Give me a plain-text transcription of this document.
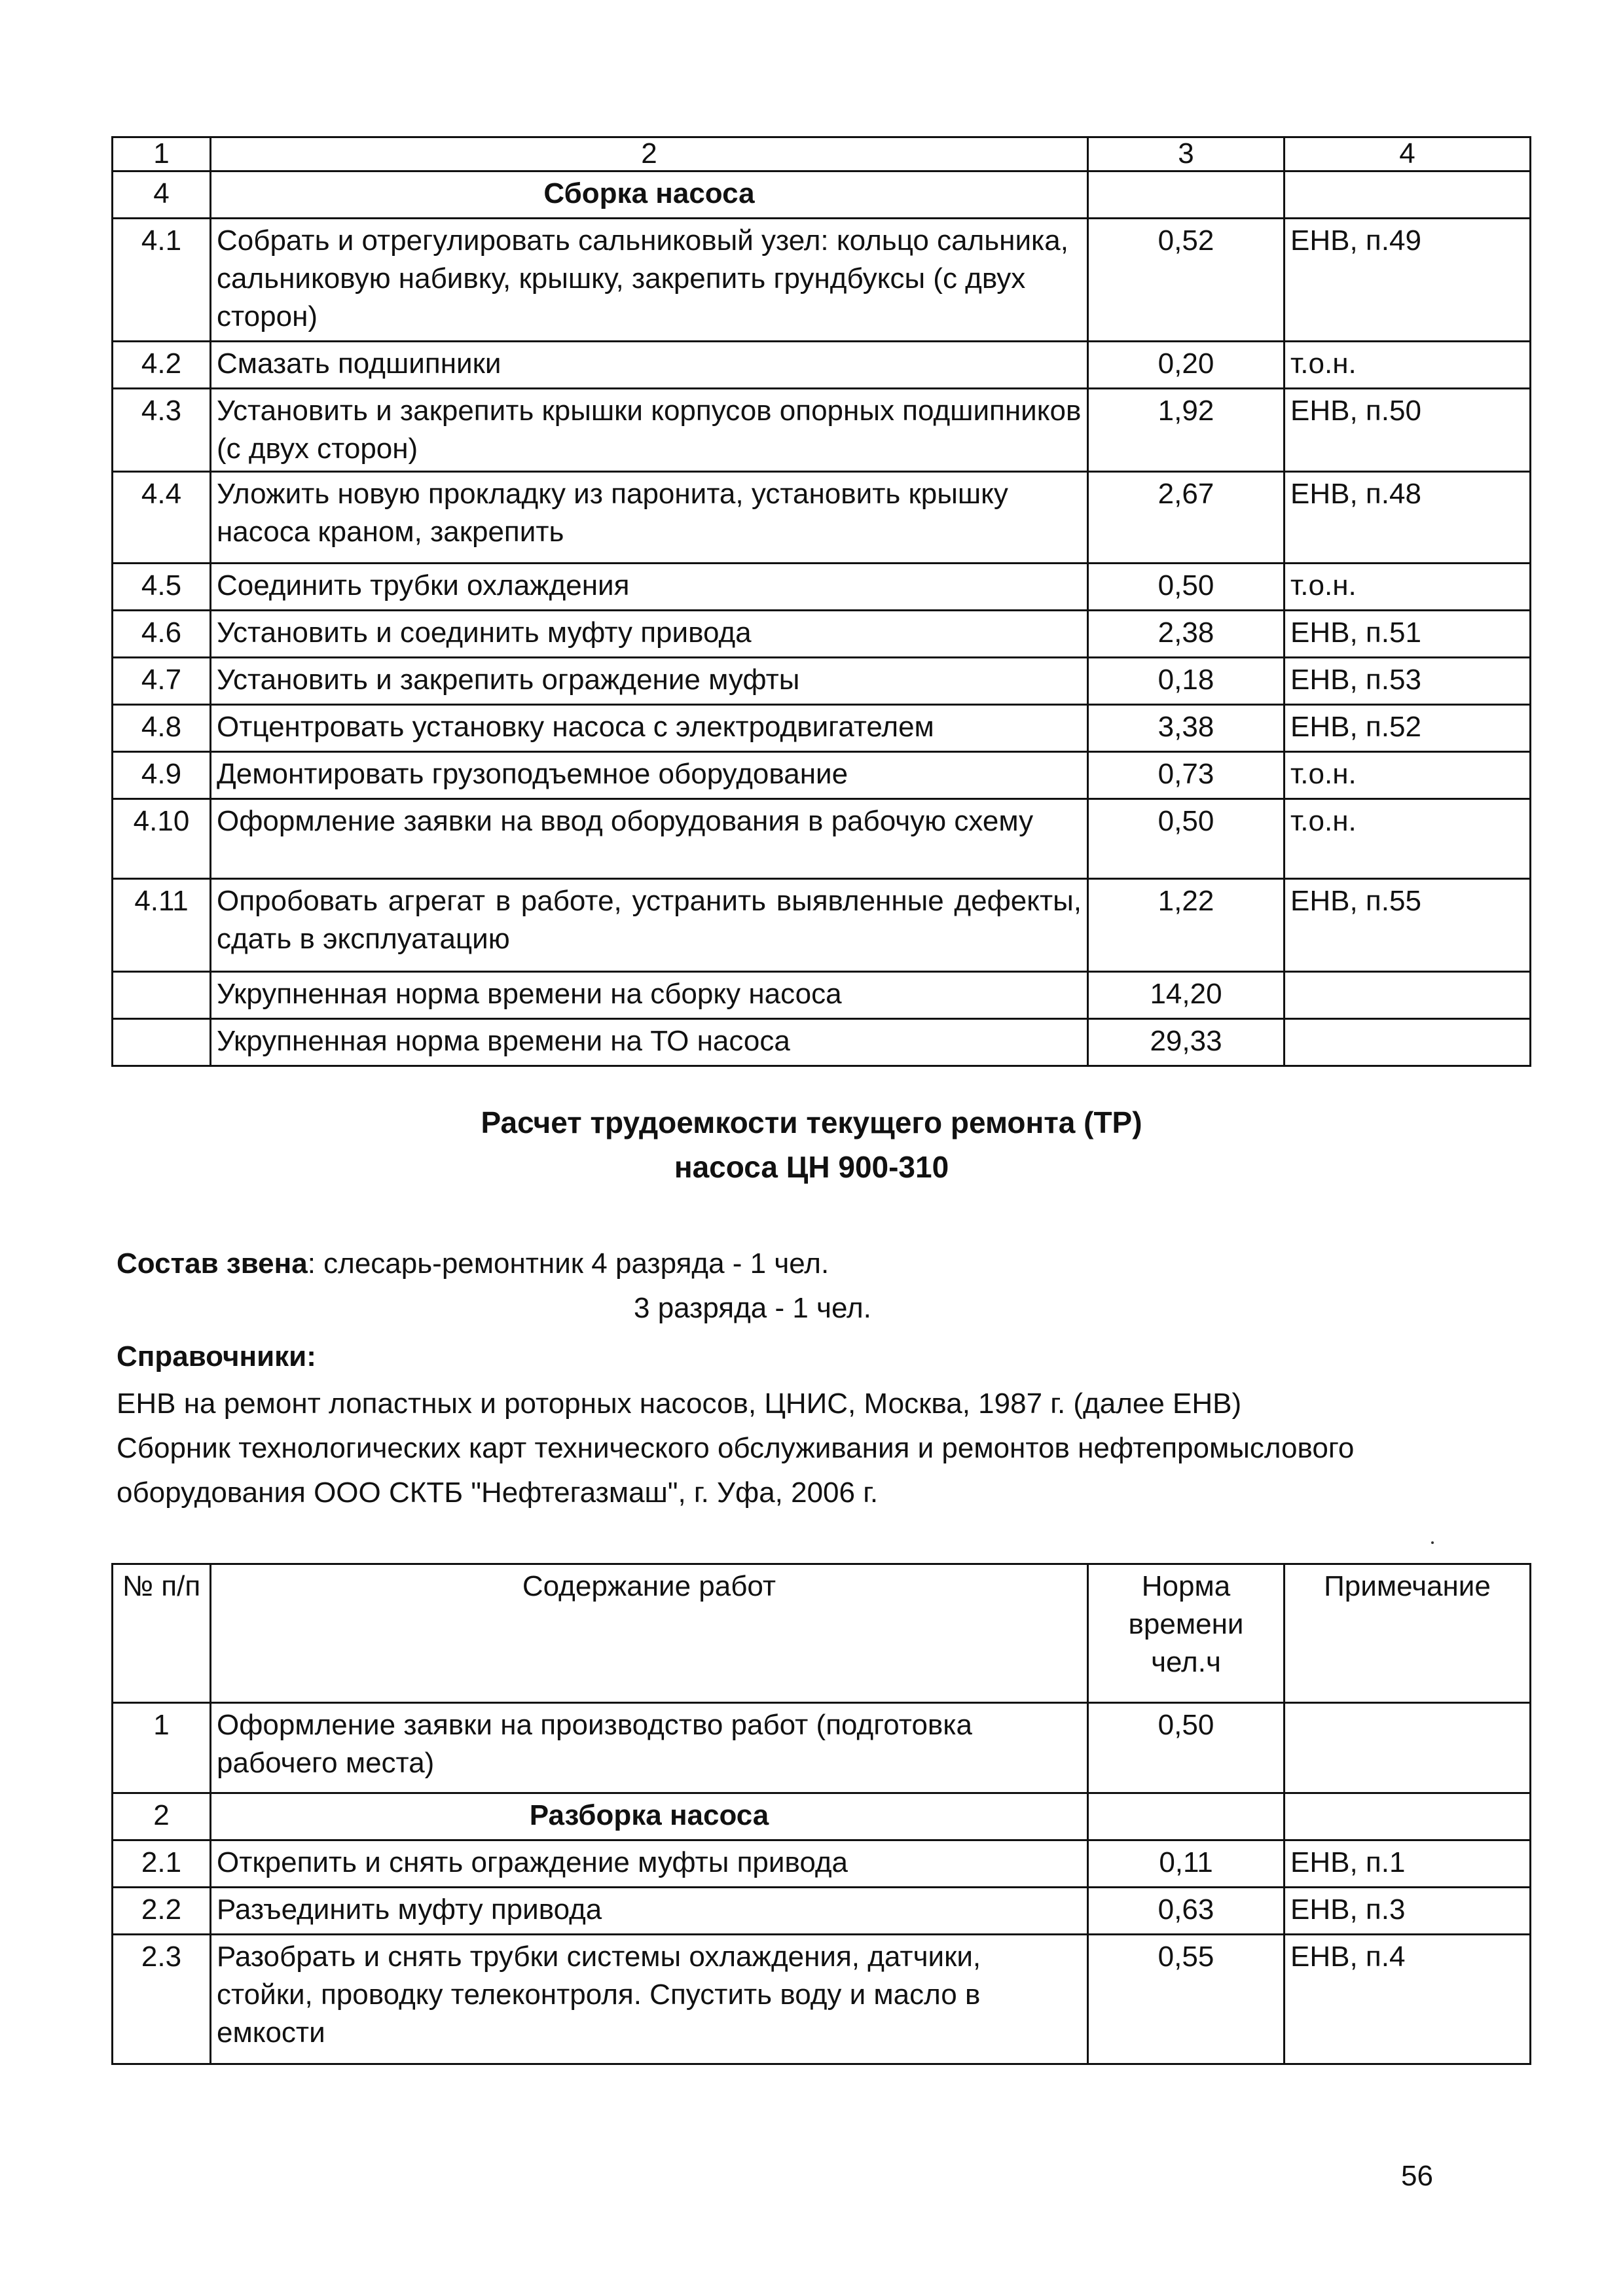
1	2	3	4
4	Сборка насоса		
4.1	Собрать и отрегулировать сальниковый узел: кольцо сальника, сальниковую набивку, крышку, закрепить грундбуксы (с двух сторон)	0,52	ЕНВ, п.49
4.2	Смазать подшипники	0,20	т.о.н.
4.3	Установить и закрепить крышки корпусов опорных подшипников (с двух сторон)	1,92	ЕНВ, п.50
4.4	Уложить новую прокладку из паронита, установить крышку насоса краном, закрепить	2,67	ЕНВ, п.48
4.5	Соединить трубки охлаждения	0,50	т.о.н.
4.6	Установить и соединить муфту привода	2,38	ЕНВ, п.51
4.7	Установить и закрепить ограждение муфты	0,18	ЕНВ, п.53
4.8	Отцентровать установку насоса с электродвигателем	3,38	ЕНВ, п.52
4.9	Демонтировать грузоподъемное оборудование	0,73	т.о.н.
4.10	Оформление заявки на ввод оборудования в рабочую схему	0,50	т.о.н.
4.11	Опробовать агрегат в работе, устранить выявленные дефекты, сдать в эксплуатацию	1,22	ЕНВ, п.55
	Укрупненная норма времени на сборку насоса	14,20	
	Укрупненная норма времени на ТО насоса	29,33	
Расчет трудоемкости текущего ремонта (ТР)
насоса ЦН 900-310
Состав звена: слесарь-ремонтник 4 разряда - 1 чел.
3 разряда - 1 чел.
Справочники:
ЕНВ на ремонт лопастных и роторных насосов, ЦНИС, Москва, 1987 г. (далее ЕНВ)
Сборник технологических карт технического обслуживания и ремонтов нефтепромыслового
оборудования ООО СКТБ "Нефтегазмаш", г. Уфа, 2006 г.
№ п/п	Содержание работ	Норма
времени
чел.ч	Примечание
1	Оформление заявки на производство работ (подготовка рабочего места)	0,50	
2	Разборка насоса		
2.1	Открепить и снять ограждение муфты привода	0,11	ЕНВ, п.1
2.2	Разъединить муфту привода	0,63	ЕНВ, п.3
2.3	Разобрать и снять трубки системы охлаждения, датчики, стойки, проводку телеконтроля. Спустить воду и масло в емкости	0,55	ЕНВ, п.4
56
